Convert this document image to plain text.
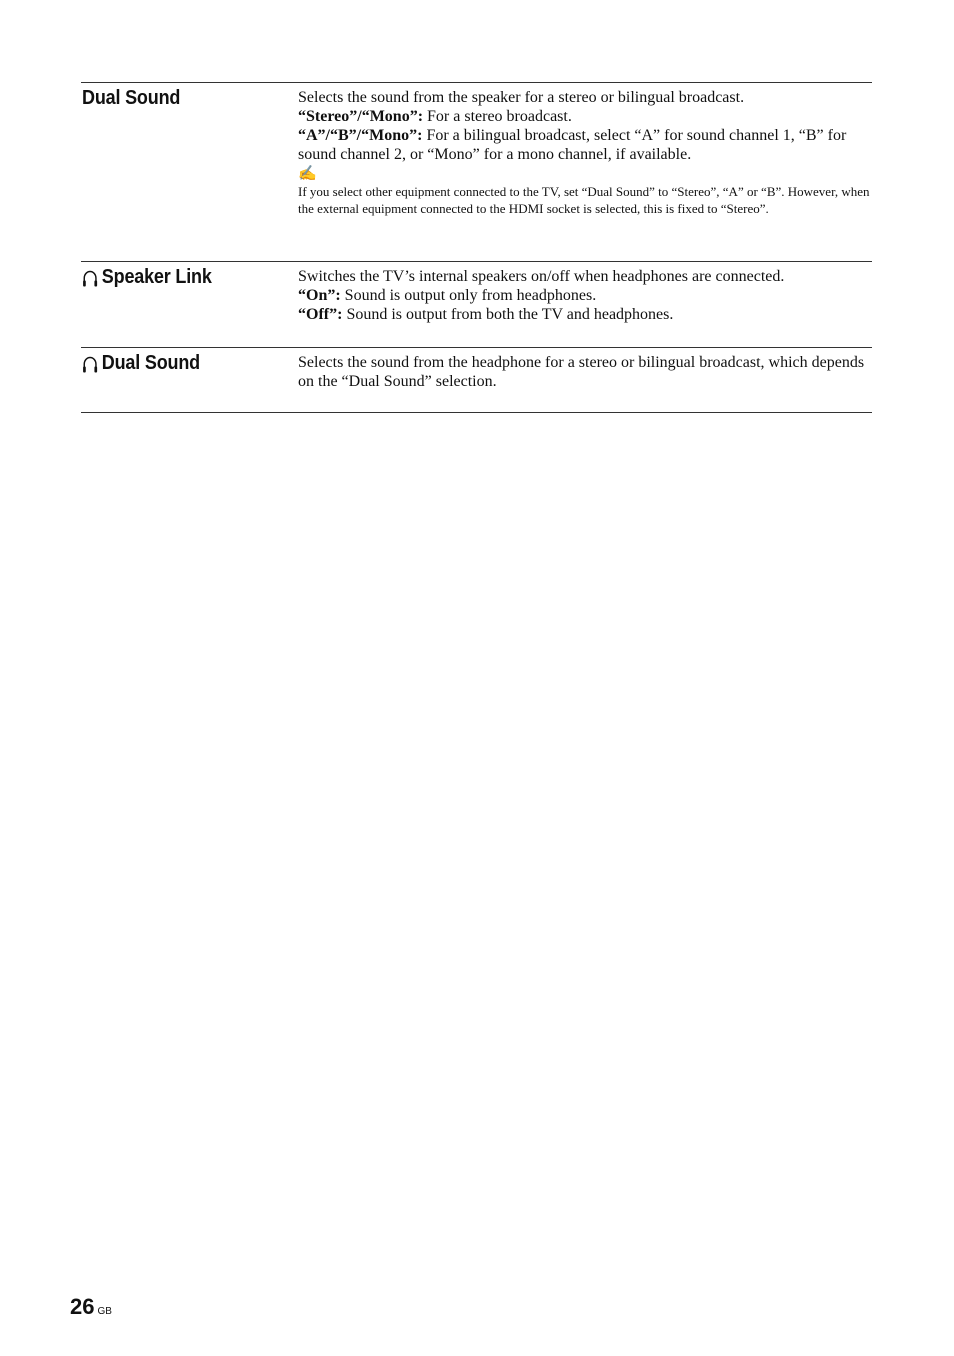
Dual Sound	Selects the sound from the speaker for a stereo or bilingual broadcast.

“Stereo”/“Mono”: For a stereo broadcast.

“A”/“B”/“Mono”: For a bilingual broadcast, select “A” for sound channel 1, “B” for sound channel 2, or “Mono” for a mono channel, if available.

✍

If you select other equipment connected to the TV, set “Dual Sound” to “Stereo”, “A” or “B”. However, when the external equipment connected to the HDMI socket is selected, this is fixed to “Stereo”.

Speaker Link	Switches the TV’s internal speakers on/off when headphones are connected.

“On”: Sound is output only from headphones.

“Off”: Sound is output from both the TV and headphones.

Dual Sound	Selects the sound from the headphone for a stereo or bilingual broadcast, which depends on the “Dual Sound” selection.

26 GB
